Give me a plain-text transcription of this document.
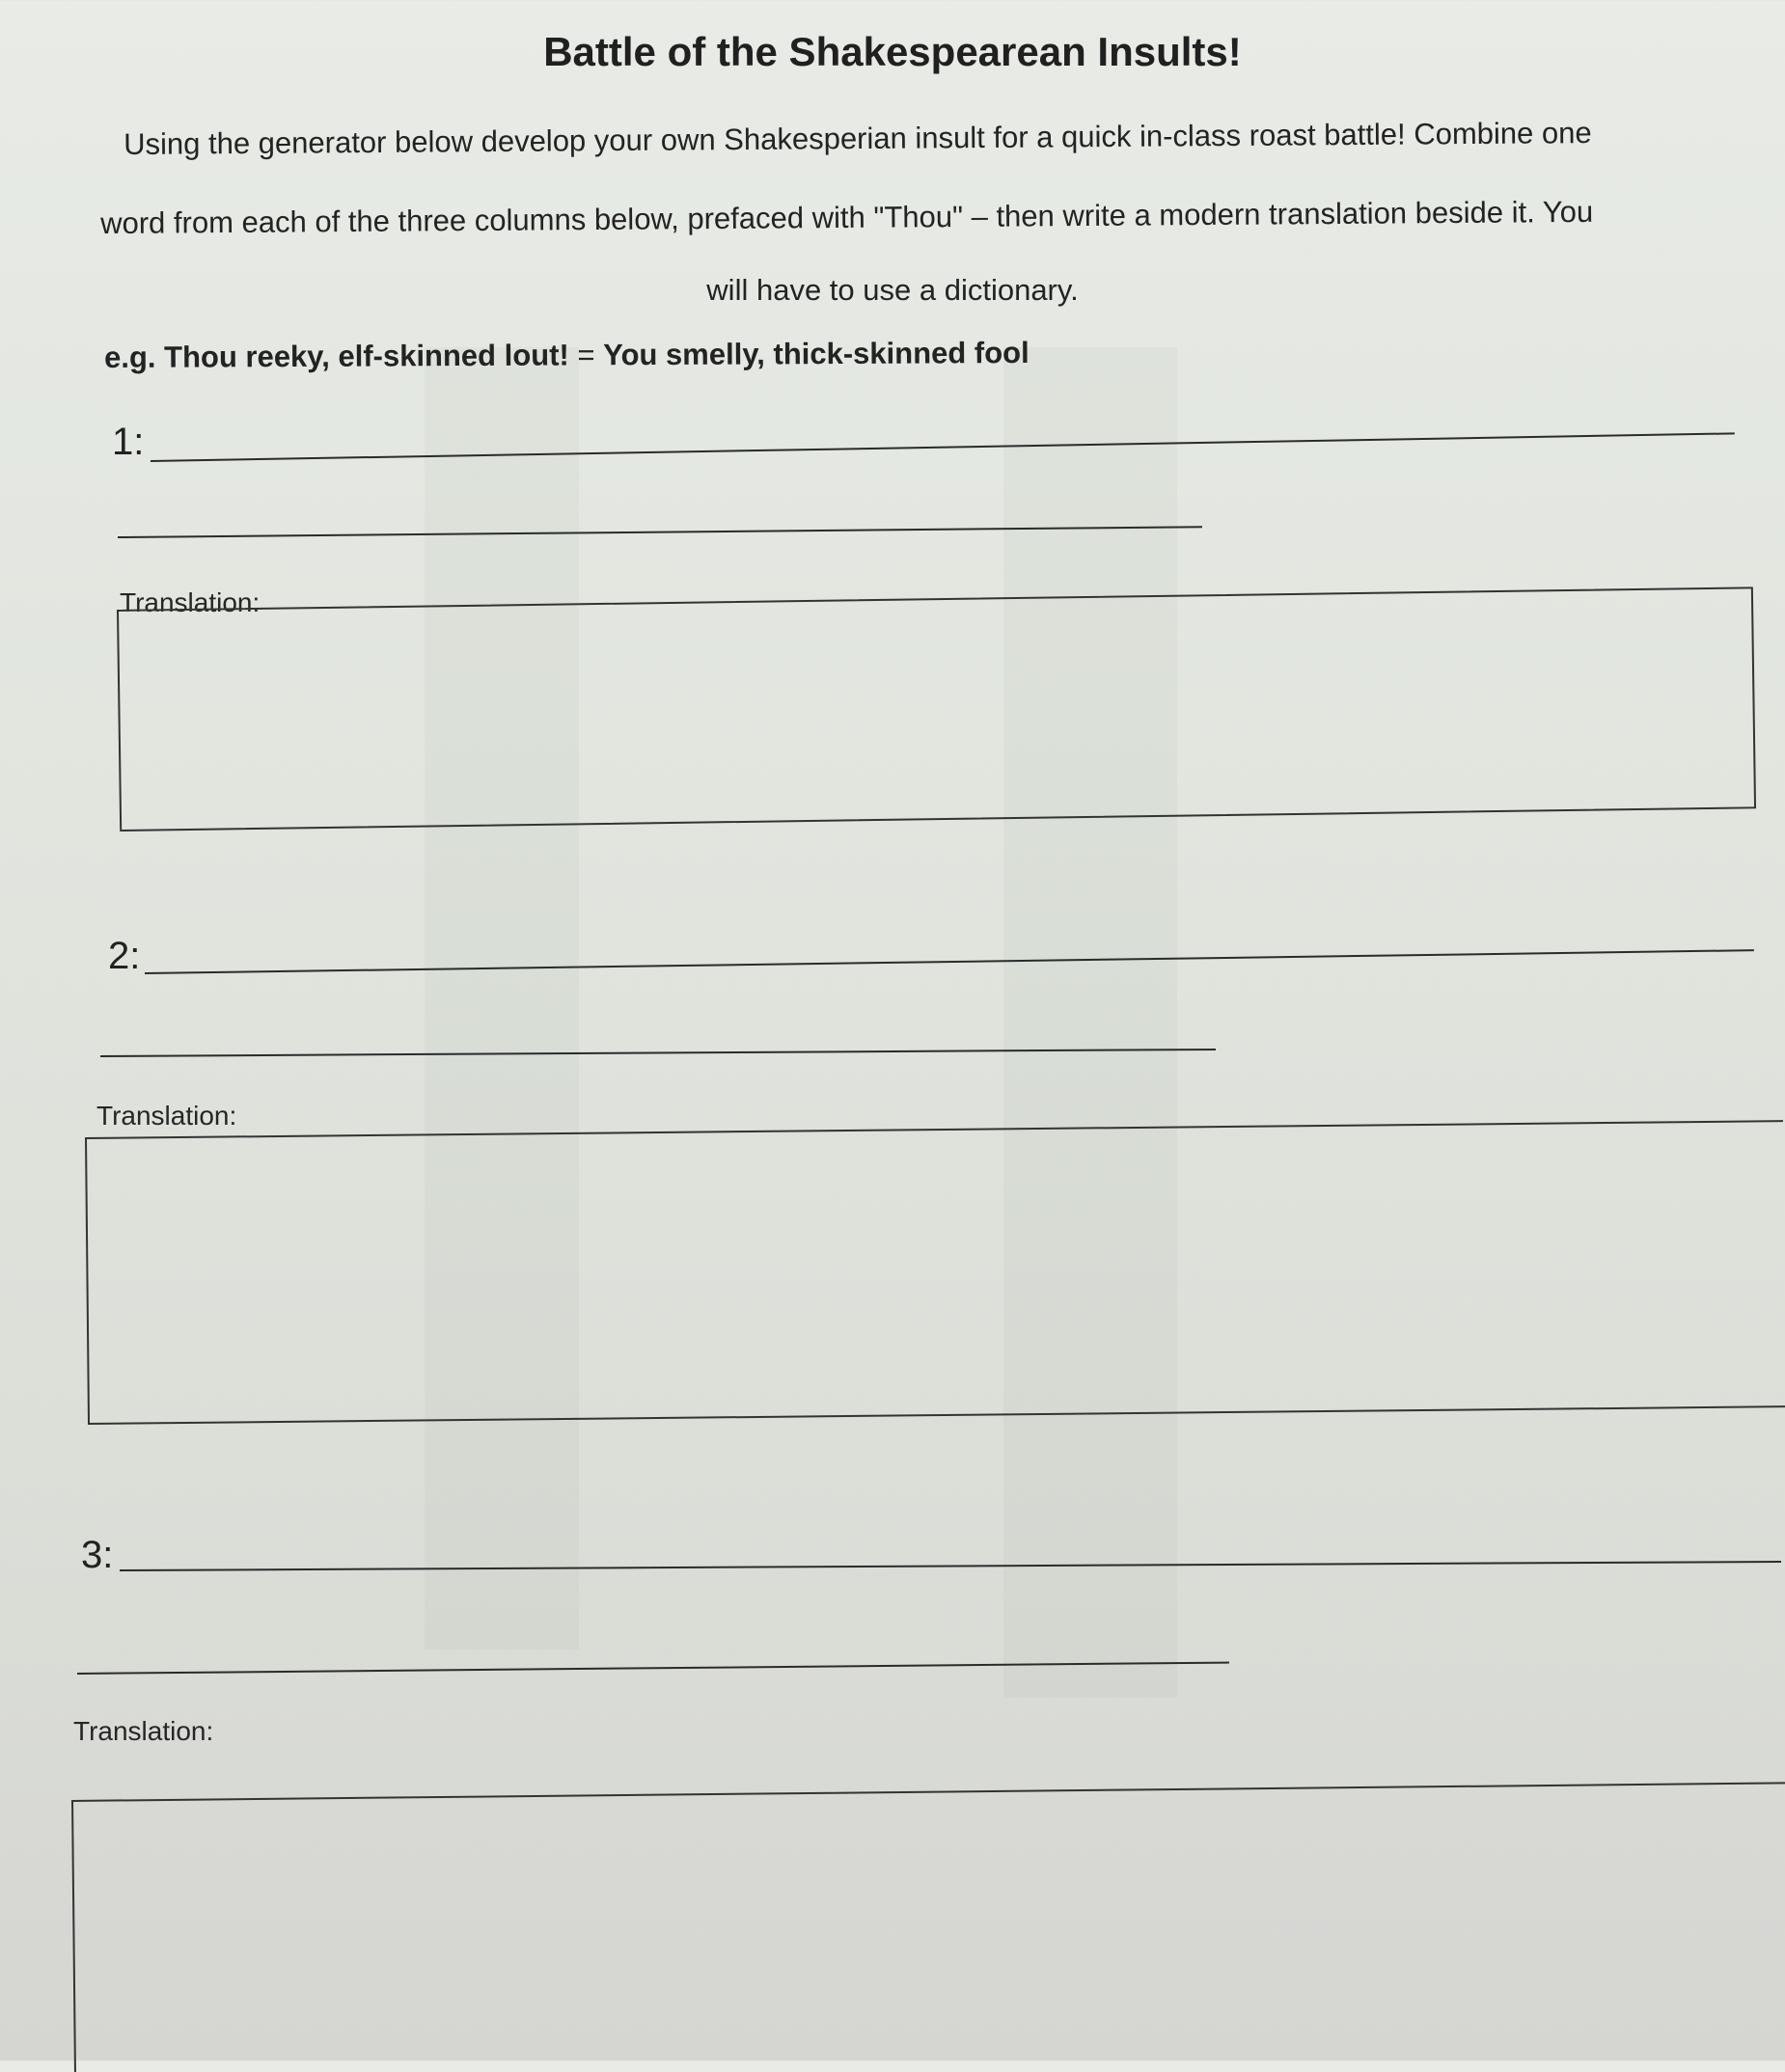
Battle of the Shakespearean Insults!
Using the generator below develop your own Shakesperian insult for a quick in-class roast battle! Combine one
word from each of the three columns below, prefaced with "Thou" – then write a modern translation beside it. You
will have to use a dictionary.
e.g. Thou reeky, elf-skinned lout! = You smelly, thick-skinned fool
1:
Translation:
2:
Translation:
3:
Translation:
